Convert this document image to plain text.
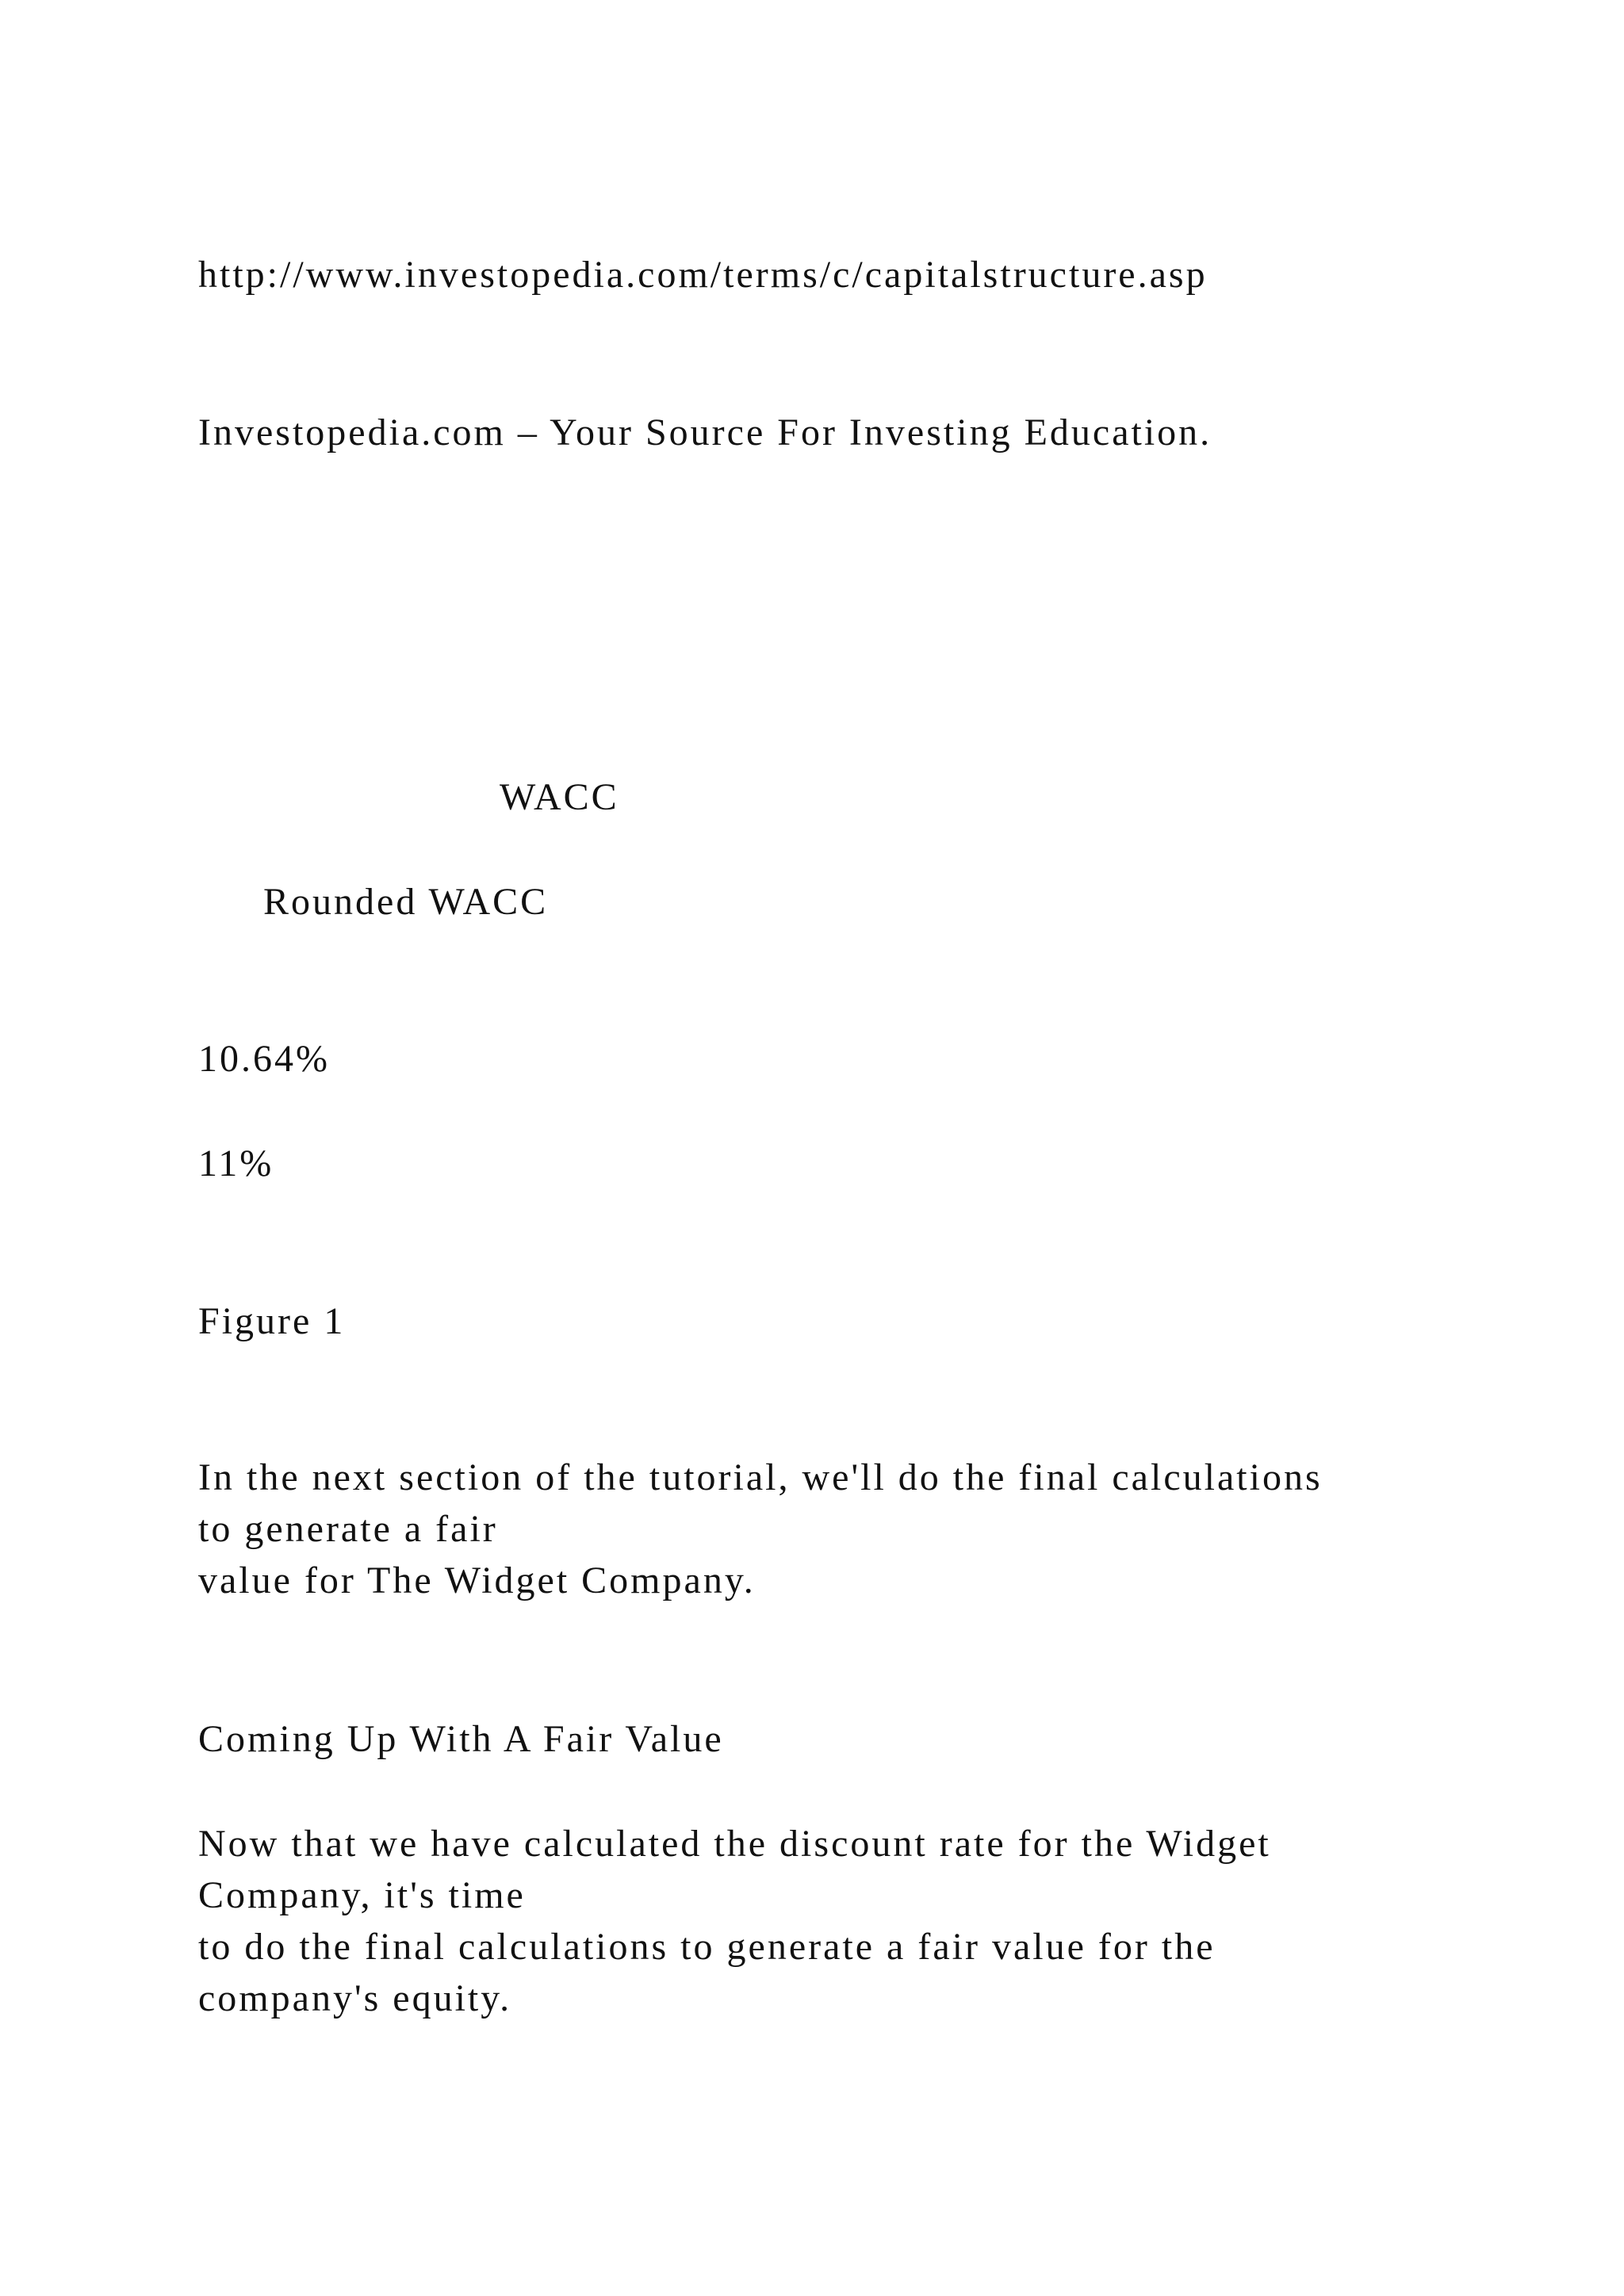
http://www.investopedia.com/terms/c/capitalstructure.asp

Investopedia.com – Your Source For Investing Education.

WACC

Rounded WACC

10.64%

11%

Figure 1

In the next section of the tutorial, we'll do the final calculations
to generate a fair
value for The Widget Company.

Coming Up With A Fair Value

Now that we have calculated the discount rate for the Widget
Company, it's time
to do the final calculations to generate a fair value for the
company's equity.
